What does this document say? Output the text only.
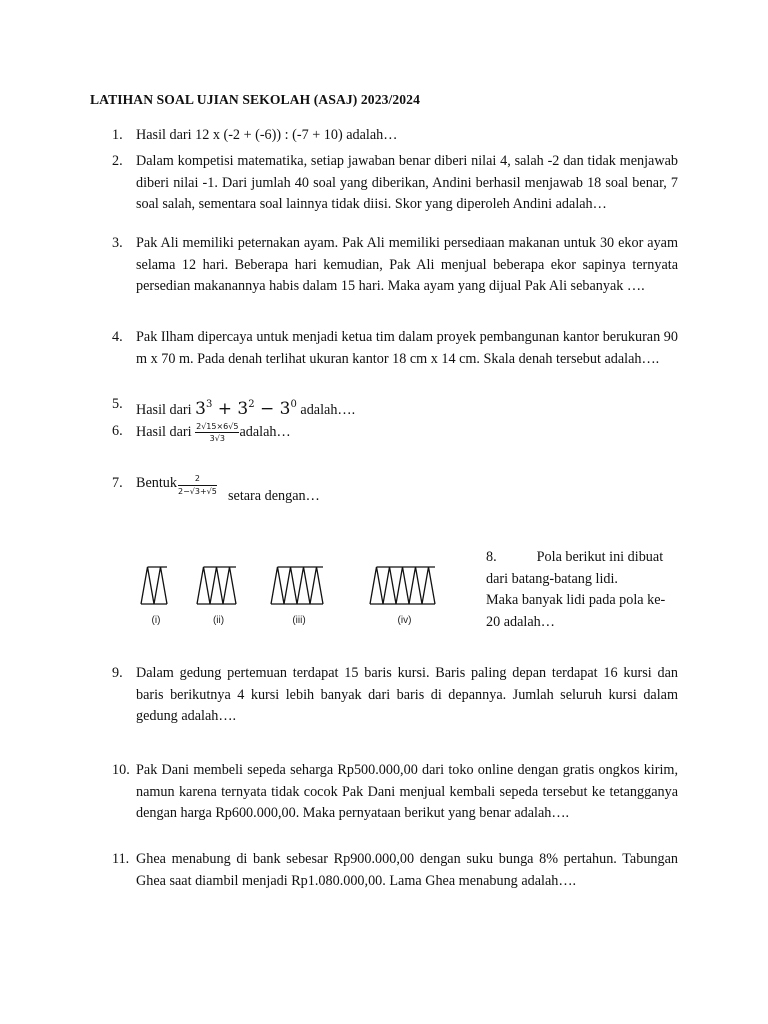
LATIHAN SOAL UJIAN SEKOLAH (ASAJ) 2023/2024
1. Hasil dari 12 x (-2 + (-6)) : (-7 + 10) adalah…
2. Dalam kompetisi matematika, setiap jawaban benar diberi nilai 4, salah -2 dan tidak menjawab diberi nilai -1. Dari jumlah 40 soal yang diberikan, Andini berhasil menjawab 18 soal benar, 7 soal salah, sementara soal lainnya tidak diisi. Skor yang diperoleh Andini adalah…
3. Pak Ali memiliki peternakan ayam. Pak Ali memiliki persediaan makanan untuk 30 ekor ayam selama 12 hari. Beberapa hari kemudian, Pak Ali menjual beberapa ekor sapinya ternyata persedian makanannya habis dalam 15 hari. Maka ayam yang dijual Pak Ali sebanyak ….
4. Pak Ilham dipercaya untuk menjadi ketua tim dalam proyek pembangunan kantor berukuran 90 m x 70 m. Pada denah terlihat ukuran kantor 18 cm x 14 cm. Skala denah tersebut adalah….
5. Hasil dari $3^3 + 3^2 - 3^0$ adalah….
6. Hasil dari $\frac{2√15\times 6√5}{3√3}$ adalah…
7. Bentuk $\frac{2}{2-√3+√5}$ setara dengan…
(i)	(ii)	(iii)	(iv)
8.	Pola berikut ini dibuat
dari batang-batang lidi.
Maka banyak lidi pada pola ke-
20 adalah…
9. Dalam gedung pertemuan terdapat 15 baris kursi. Baris paling depan terdapat 16 kursi dan baris berikutnya 4 kursi lebih banyak dari baris di depannya. Jumlah seluruh kursi dalam gedung adalah….
10. Pak Dani membeli sepeda seharga Rp500.000,00 dari toko online dengan gratis ongkos kirim, namun karena ternyata tidak cocok Pak Dani menjual kembali sepeda tersebut ke tetangganya dengan harga Rp600.000,00. Maka pernyataan berikut yang benar adalah….
11. Ghea menabung di bank sebesar Rp900.000,00 dengan suku bunga 8% pertahun. Tabungan Ghea saat diambil menjadi Rp1.080.000,00. Lama Ghea menabung adalah….
